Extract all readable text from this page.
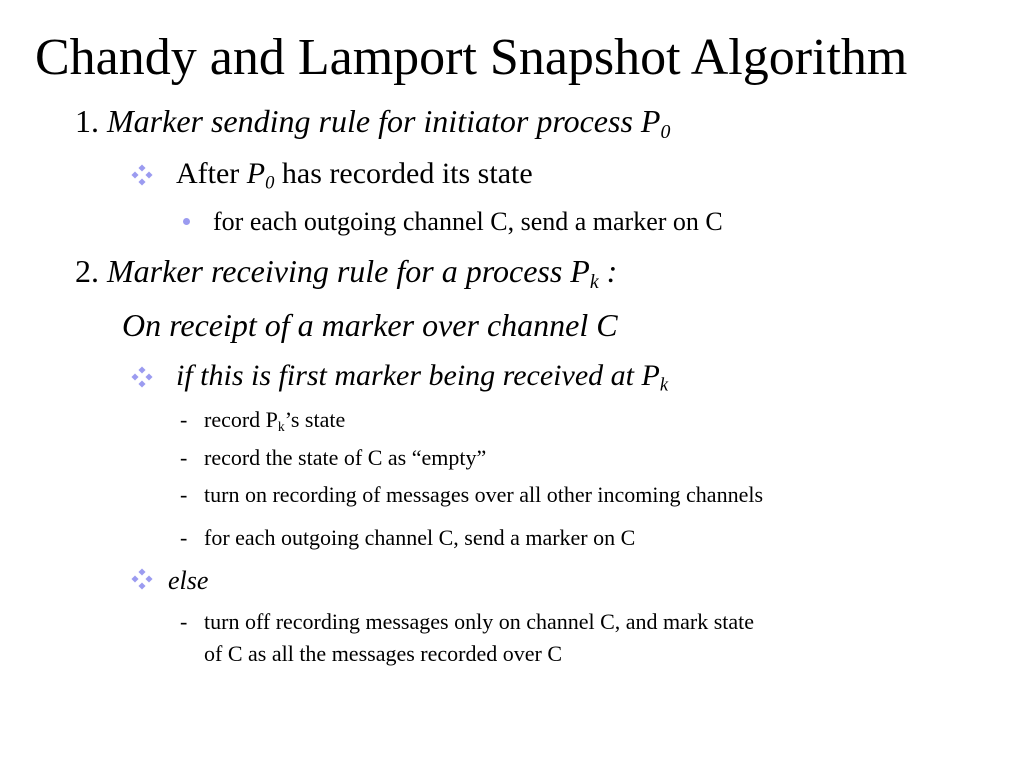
Chandy and Lamport Snapshot Algorithm
1. Marker sending rule for initiator process $P_0$
After $P_0$ has recorded its state
for each outgoing channel C, send a marker on C
2. Marker receiving rule for a process $P_k$ :
On receipt of a marker over channel C
if this is first marker being received at $P_k$
- record $P_k’s$ state
- record the state of C as “empty”
- turn on recording of messages over all other incoming channels
- for each outgoing channel C, send a marker on C
else
- turn off recording messages only on channel C, and mark state
of C as all the messages recorded over C
